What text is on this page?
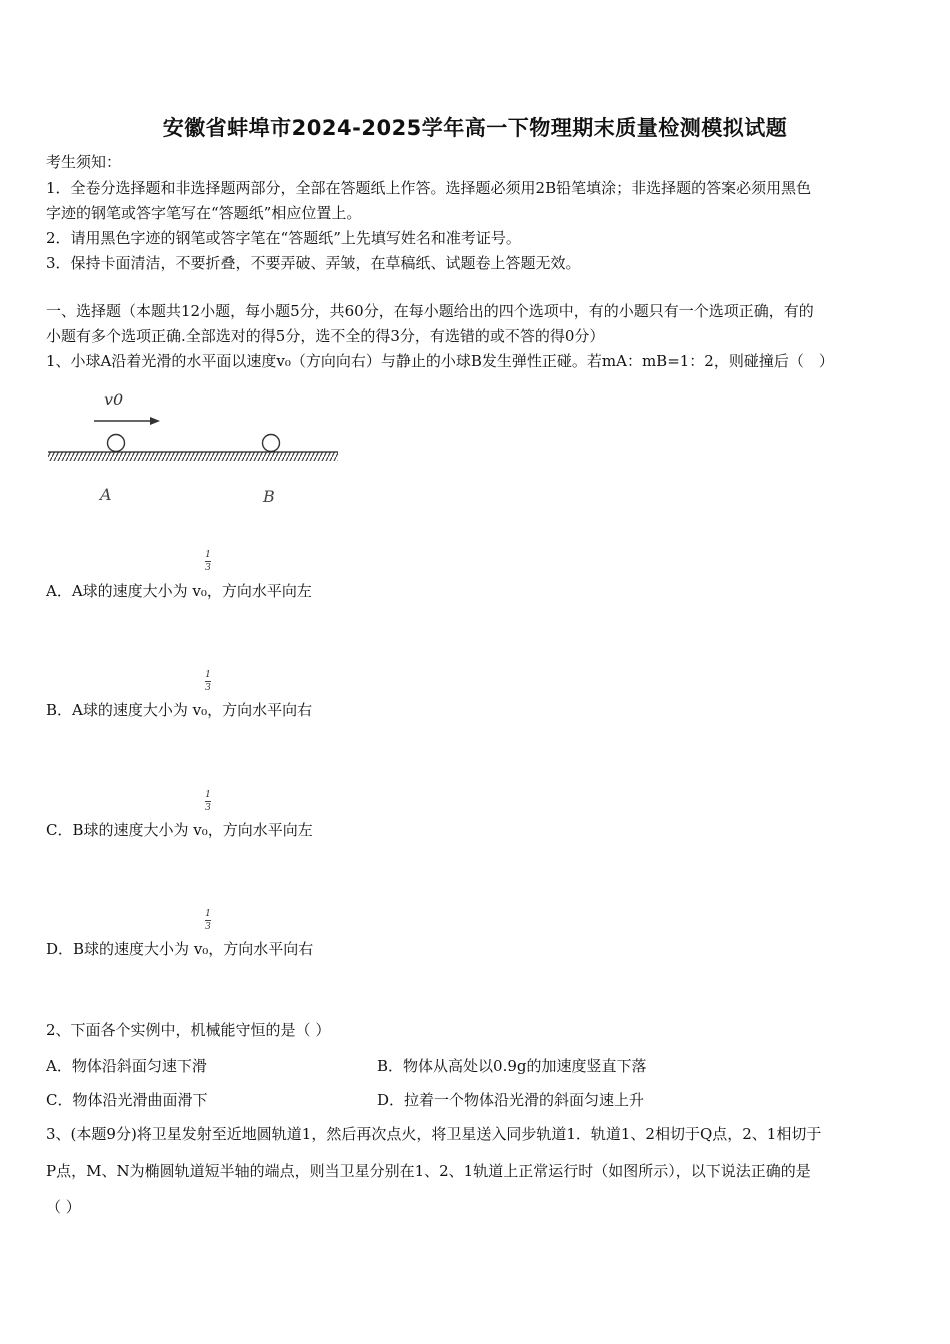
安徽省蚌埠市2024-2025学年高一下物理期末质量检测模拟试题
考生须知：
1．全卷分选择题和非选择题两部分，全部在答题纸上作答。选择题必须用2B铅笔填涂；非选择题的答案必须用黑色
字迹的钢笔或答字笔写在“答题纸”相应位置上。
2．请用黑色字迹的钢笔或答字笔在“答题纸”上先填写姓名和准考证号。
3．保持卡面清洁，不要折叠，不要弄破、弄皱，在草稿纸、试题卷上答题无效。
一、选择题（本题共12小题，每小题5分，共60分，在每小题给出的四个选项中，有的小题只有一个选项正确，有的
小题有多个选项正确.全部选对的得5分，选不全的得3分，有选错的或不答的得0分）
1、小球A沿着光滑的水平面以速度v₀（方向向右）与静止的小球B发生弹性正碰。若mA：mB=1：2，则碰撞后（　）
v0
A	B
1
3
1
3
1
3
1
3
A．A球的速度大小为 v₀，方向水平向左
B．A球的速度大小为 v₀，方向水平向右
C．B球的速度大小为 v₀，方向水平向左
D．B球的速度大小为 v₀，方向水平向右
2、下面各个实例中，机械能守恒的是（ ）
A．物体沿斜面匀速下滑	B．物体从高处以0.9g的加速度竖直下落
C．物体沿光滑曲面滑下	D．拉着一个物体沿光滑的斜面匀速上升
3、(本题9分)将卫星发射至近地圆轨道1，然后再次点火，将卫星送入同步轨道1．轨道1、2相切于Q点，2、1相切于
P点，M、N为椭圆轨道短半轴的端点，则当卫星分别在1、2、1轨道上正常运行时（如图所示），以下说法正确的是
（ ）
